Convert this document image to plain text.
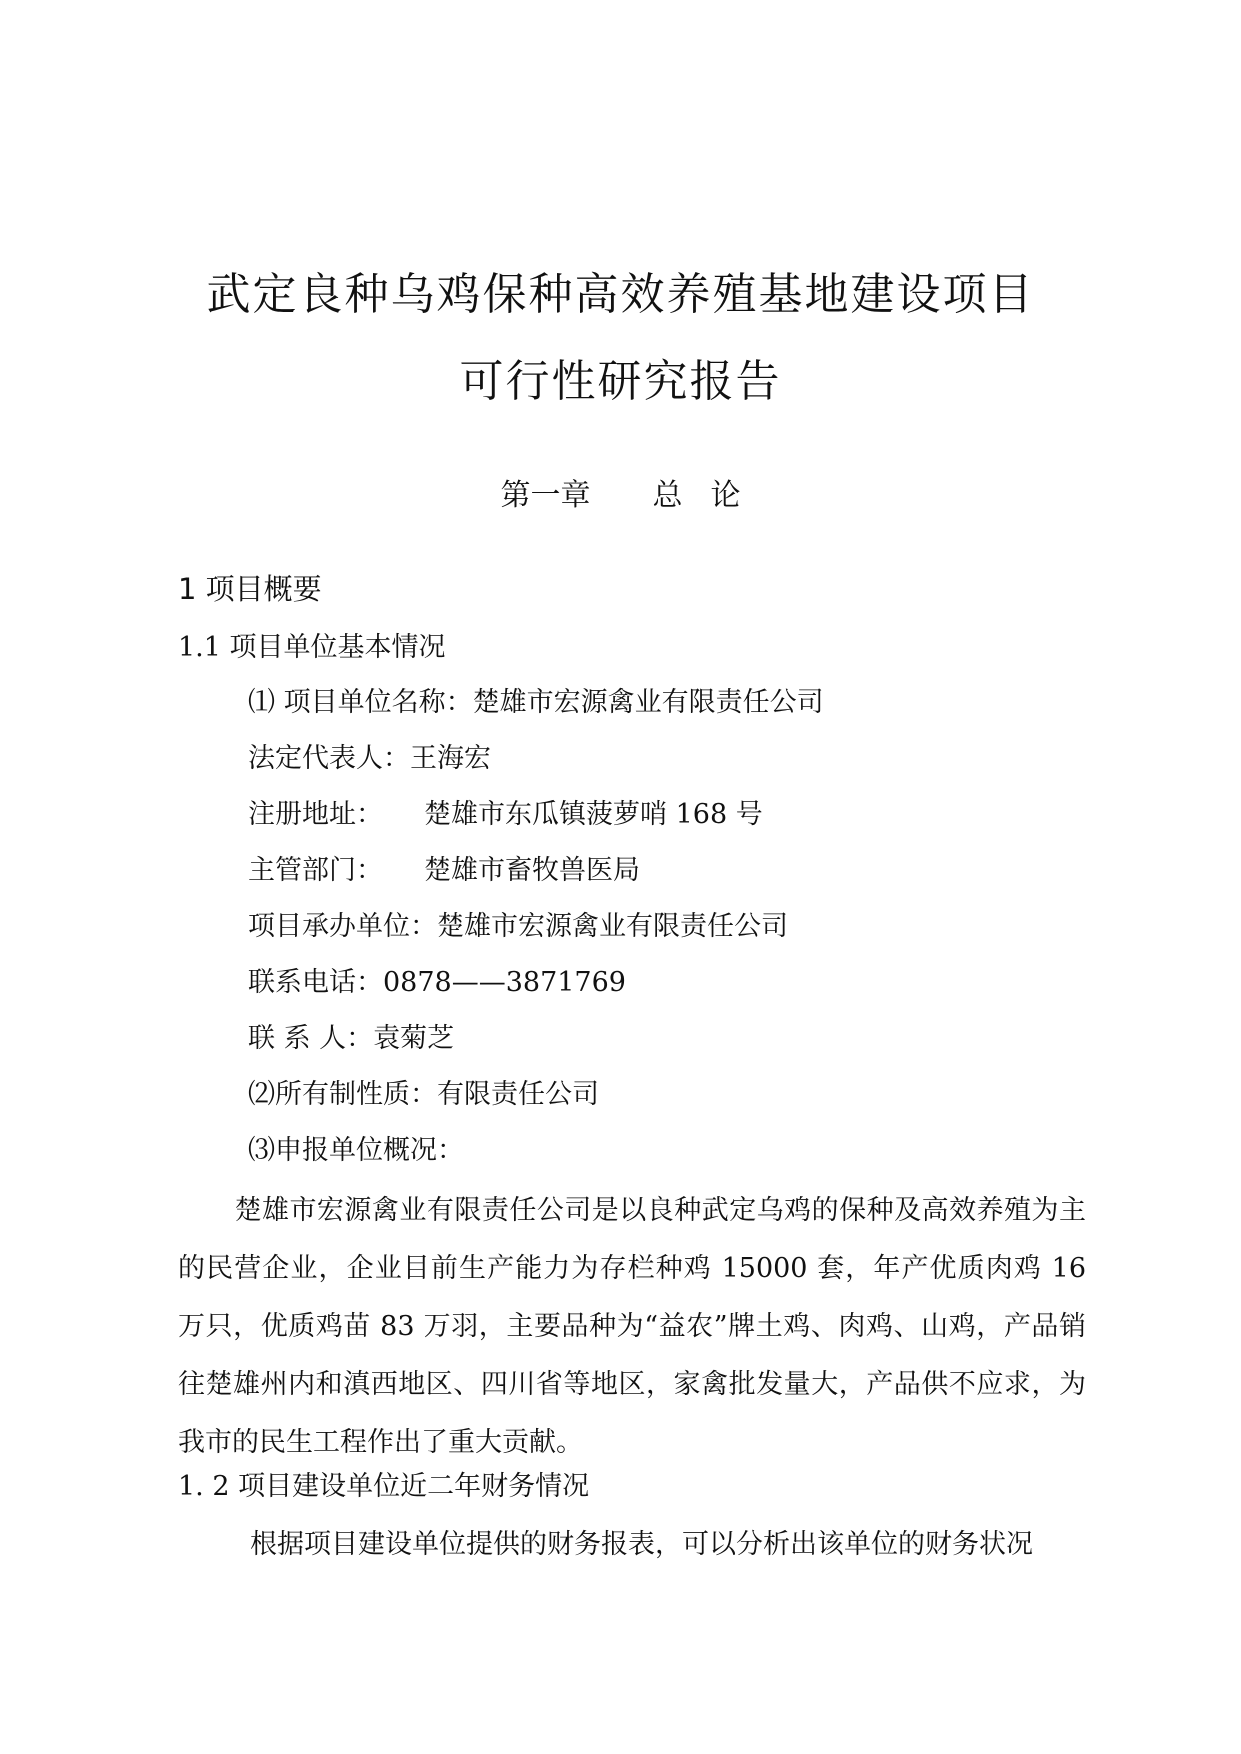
武定良种乌鸡保种高效养殖基地建设项目
可行性研究报告
第一章 总 论
1 项目概要
1.1 项目单位基本情况
⑴ 项目单位名称：楚雄市宏源禽业有限责任公司
法定代表人：王海宏
注册地址： 楚雄市东瓜镇菠萝哨 168 号
主管部门： 楚雄市畜牧兽医局
项目承办单位：楚雄市宏源禽业有限责任公司
联系电话：0878——3871769
联 系 人：袁菊芝
⑵所有制性质：有限责任公司
⑶申报单位概况：
楚雄市宏源禽业有限责任公司是以良种武定乌鸡的保种及高效养殖为主的民营企业，企业目前生产能力为存栏种鸡 15000 套，年产优质肉鸡 16 万只，优质鸡苗 83 万羽，主要品种为“益农”牌土鸡、肉鸡、山鸡，产品销往楚雄州内和滇西地区、四川省等地区，家禽批发量大，产品供不应求，为我市的民生工程作出了重大贡献。
1. 2 项目建设单位近二年财务情况
根据项目建设单位提供的财务报表，可以分析出该单位的财务状况
